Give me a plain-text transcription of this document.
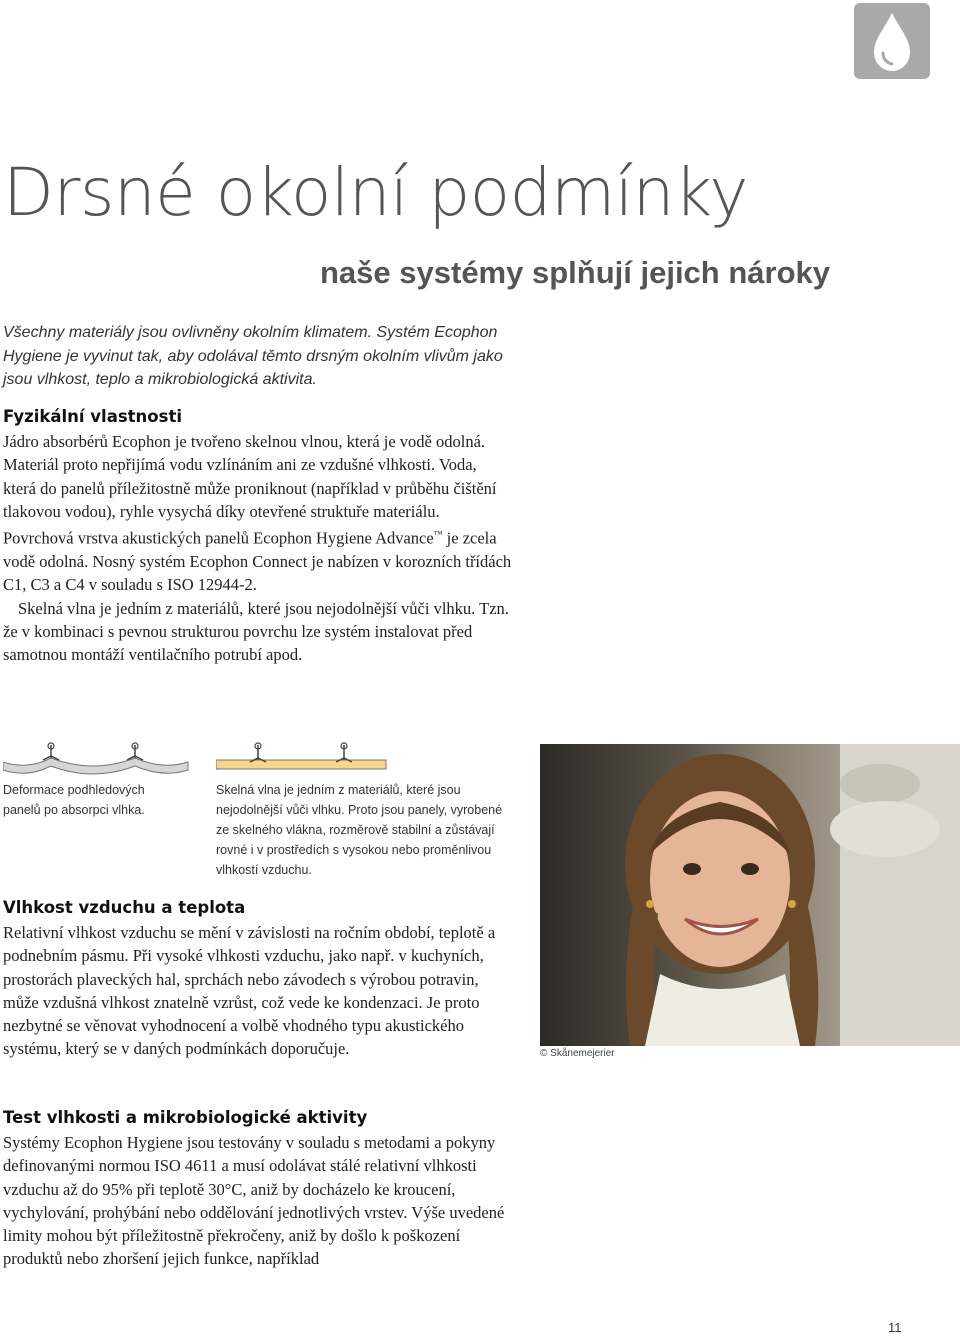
Drsné okolní podmínky
naše systémy splňují jejich nároky
Všechny materiály jsou ovlivněny okolním klimatem. Systém Ecophon Hygiene je vyvinut tak, aby odolával těmto drsným okolním vlivům jako jsou vlhkost, teplo a mikrobiologická aktivita.
Fyzikální vlastnosti

Jádro absorbérů Ecophon je tvořeno skelnou vlnou, která je vodě odolná. Materiál proto nepřijímá vodu vzlínáním ani ze vzdušné vlhkosti. Voda, která do panelů příležitostně může proniknout (například v průběhu čištění tlakovou vodou), ryhle vysychá díky otevřené struktuře materiálu. Povrchová vrstva akustických panelů Ecophon Hygiene Advance™ je zcela vodě odolná. Nosný systém Ecophon Connect je nabízen v korozních třídách C1, C3 a C4 v souladu s ISO 12944-2.

Skelná vlna je jedním z materiálů, které jsou nejodolnější vůči vlhku. Tzn. že v kombinaci s pevnou strukturou povrchu lze systém instalovat před samotnou montáží ventilačního potrubí apod.

Deformace podhledových panelů po absorpci vlhka.
Skelná vlna je jedním z materiálů, které jsou nejodolnější vůči vlhku. Proto jsou panely, vyrobené ze skelného vlákna, rozměrově stabilní a zůstávají rovné i v prostředích s vysokou nebo proměnlivou vlhkostí vzduchu.
Vlhkost vzduchu a teplota
Relativní vlhkost vzduchu se mění v závislosti na ročním období, teplotě a podnebním pásmu. Při vysoké vlhkosti vzduchu, jako např. v kuchyních, prostorách plaveckých hal, sprchách nebo závodech s výrobou potravin, může vzdušná vlhkost znatelně vzrůst, což vede ke kondenzaci. Je proto nezbytné se věnovat vyhodnocení a volbě vhodného typu akustického systému, který se v daných podmínkách doporučuje.	© Skånemejerier
Test vlhkosti a mikrobiologické aktivity
Systémy Ecophon Hygiene jsou testovány v souladu s metodami a pokyny definovanými normou ISO 4611 a musí odolávat stálé relativní vlhkosti vzduchu až do 95% při teplotě 30°C, aniž by docházelo ke kroucení, vychylování, prohýbání nebo oddělování jednotlivých vrstev. Výše uvedené limity mohou být příležitostně překročeny, aniž by došlo k poškození produktů nebo zhoršení jejich funkce, například
11
